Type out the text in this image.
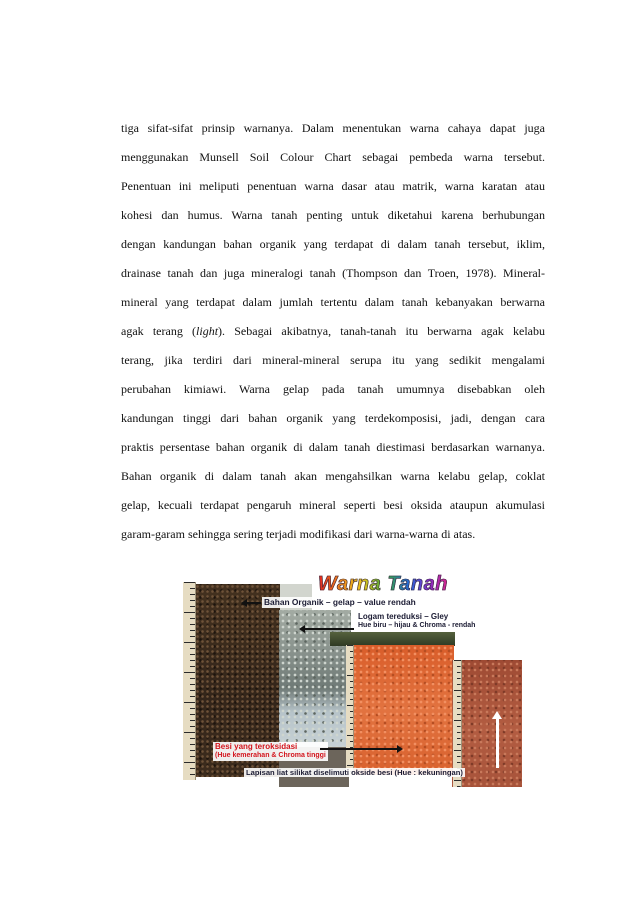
tiga sifat-sifat prinsip warnanya. Dalam menentukan warna cahaya dapat juga
menggunakan Munsell Soil Colour Chart sebagai pembeda warna tersebut.
Penentuan ini meliputi penentuan warna dasar atau matrik, warna karatan atau
kohesi dan humus. Warna tanah penting untuk diketahui karena berhubungan
dengan kandungan bahan organik yang terdapat di dalam tanah tersebut, iklim,
drainase tanah dan juga mineralogi tanah (Thompson dan Troen, 1978). Mineral-
mineral yang terdapat dalam jumlah tertentu dalam tanah kebanyakan berwarna
agak terang (light). Sebagai akibatnya, tanah-tanah itu berwarna agak kelabu
terang, jika terdiri dari mineral-mineral serupa itu yang sedikit mengalami
perubahan kimiawi. Warna gelap pada tanah umumnya disebabkan oleh
kandungan tinggi dari bahan organik yang terdekomposisi, jadi, dengan cara
praktis persentase bahan organik di dalam tanah diestimasi berdasarkan warnanya.
Bahan organik di dalam tanah akan mengahsilkan warna kelabu gelap, coklat
gelap, kecuali terdapat pengaruh mineral seperti besi oksida ataupun akumulasi
garam-garam sehingga sering terjadi modifikasi dari warna-warna di atas.
Warna Tanah
Bahan Organik – gelap – value rendah
Logam tereduksi – Gley
Hue biru – hijau & Chroma - rendah
Besi yang teroksidasi
(Hue kemerahan & Chroma tinggi
Lapisan liat silikat diselimuti okside besi (Hue : kekuningan)
